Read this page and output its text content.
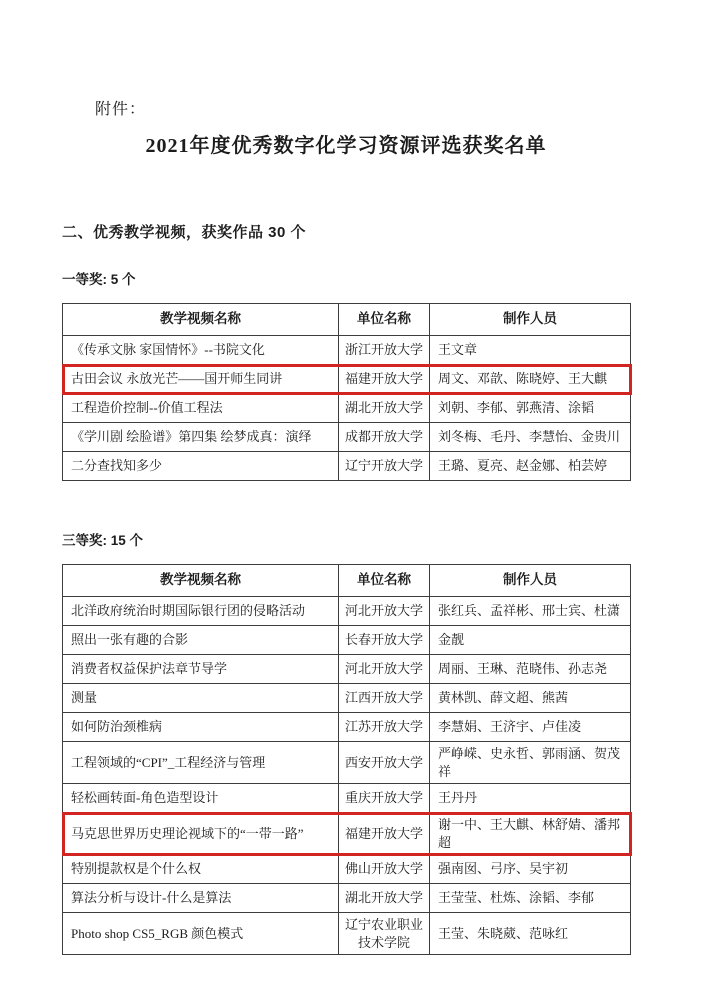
附件：
2021年度优秀数字化学习资源评选获奖名单
二、优秀教学视频，获奖作品 30 个
一等奖: 5 个
教学视频名称	单位名称	制作人员
《传承文脉 家国情怀》--书院文化	浙江开放大学	王文章
古田会议 永放光芒——国开师生同讲	福建开放大学	周文、邓歆、陈晓婷、王大麒
工程造价控制--价值工程法	湖北开放大学	刘朝、李郁、郭燕清、涂韬
《学川剧 绘脸谱》第四集 绘梦成真：演绎	成都开放大学	刘冬梅、毛丹、李慧怡、金贵川
二分查找知多少	辽宁开放大学	王璐、夏亮、赵金娜、柏芸婷
三等奖: 15 个
教学视频名称	单位名称	制作人员
北洋政府统治时期国际银行团的侵略活动	河北开放大学	张红兵、孟祥彬、邢士宾、杜潇
照出一张有趣的合影	长春开放大学	金靓
消费者权益保护法章节导学	河北开放大学	周丽、王琳、范晓伟、孙志尧
测量	江西开放大学	黄林凯、薛文超、熊茜
如何防治颈椎病	江苏开放大学	李慧娟、王济宇、卢佳凌
工程领域的“CPI”_工程经济与管理	西安开放大学	严峥嵘、史永哲、郭雨涵、贺茂祥
轻松画转面-角色造型设计	重庆开放大学	王丹丹
马克思世界历史理论视域下的“一带一路”	福建开放大学	谢一中、王大麒、林舒婧、潘邦超
特别提款权是个什么权	佛山开放大学	强南囡、弓序、吴宇初
算法分析与设计-什么是算法	湖北开放大学	王莹莹、杜炼、涂韬、李郁
Photo shop CS5_RGB 颜色模式	辽宁农业职业技术学院	王莹、朱晓葳、范咏红
